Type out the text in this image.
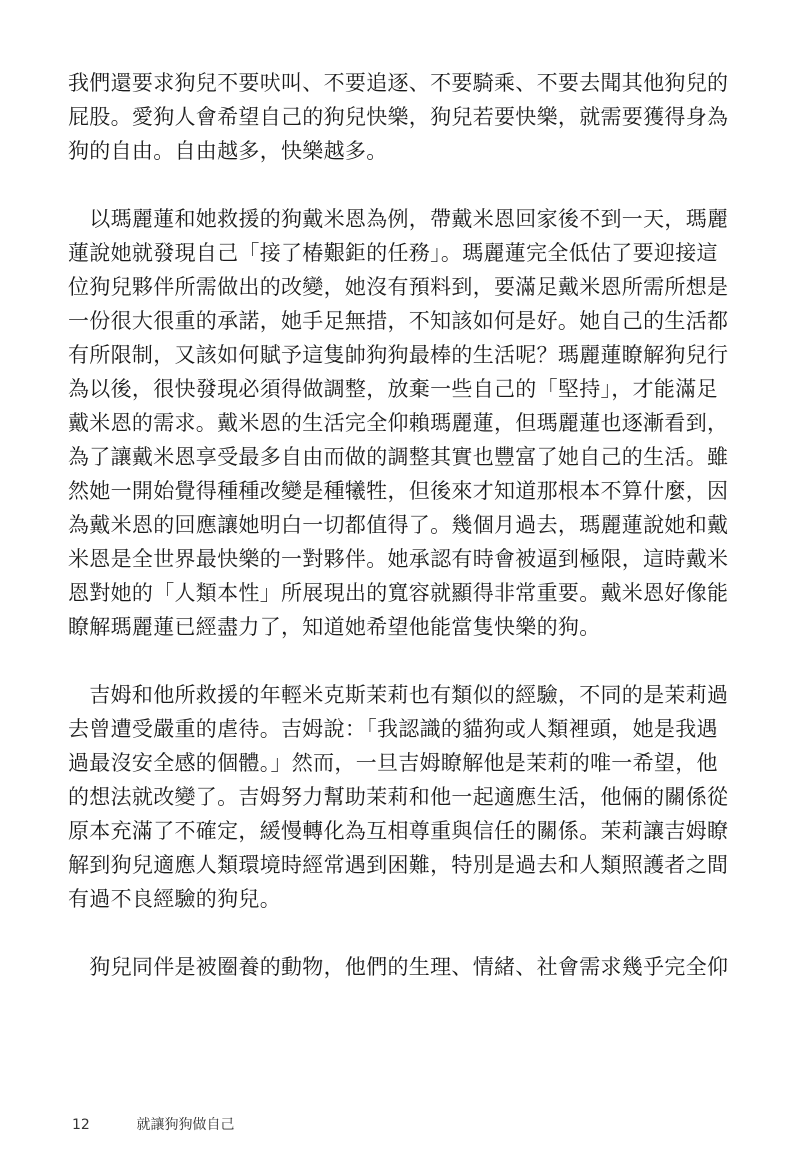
我們還要求狗兒不要吠叫、不要追逐、不要騎乘、不要去聞其他狗兒的
屁股。愛狗人會希望自己的狗兒快樂，狗兒若要快樂，就需要獲得身為
狗的自由。自由越多，快樂越多。

　以瑪麗蓮和她救援的狗戴米恩為例，帶戴米恩回家後不到一天，瑪麗
蓮說她就發現自己「接了椿艱鉅的任務」。瑪麗蓮完全低估了要迎接這
位狗兒夥伴所需做出的改變，她沒有預料到，要滿足戴米恩所需所想是
一份很大很重的承諾，她手足無措，不知該如何是好。她自己的生活都
有所限制，又該如何賦予這隻帥狗狗最棒的生活呢？瑪麗蓮瞭解狗兒行
為以後，很快發現必須得做調整，放棄一些自己的「堅持」，才能滿足
戴米恩的需求。戴米恩的生活完全仰賴瑪麗蓮，但瑪麗蓮也逐漸看到，
為了讓戴米恩享受最多自由而做的調整其實也豐富了她自己的生活。雖
然她一開始覺得種種改變是種犧牲，但後來才知道那根本不算什麼，因
為戴米恩的回應讓她明白一切都值得了。幾個月過去，瑪麗蓮說她和戴
米恩是全世界最快樂的一對夥伴。她承認有時會被逼到極限，這時戴米
恩對她的「人類本性」所展現出的寬容就顯得非常重要。戴米恩好像能
瞭解瑪麗蓮已經盡力了，知道她希望他能當隻快樂的狗。

　吉姆和他所救援的年輕米克斯茉莉也有類似的經驗，不同的是茉莉過
去曾遭受嚴重的虐待。吉姆說：「我認識的貓狗或人類裡頭，她是我遇
過最沒安全感的個體。」然而，一旦吉姆瞭解他是茉莉的唯一希望，他
的想法就改變了。吉姆努力幫助茉莉和他一起適應生活，他倆的關係從
原本充滿了不確定，緩慢轉化為互相尊重與信任的關係。茉莉讓吉姆瞭
解到狗兒適應人類環境時經常遇到困難，特別是過去和人類照護者之間
有過不良經驗的狗兒。

　狗兒同伴是被圈養的動物，他們的生理、情緒、社會需求幾乎完全仰

12	就讓狗狗做自己
